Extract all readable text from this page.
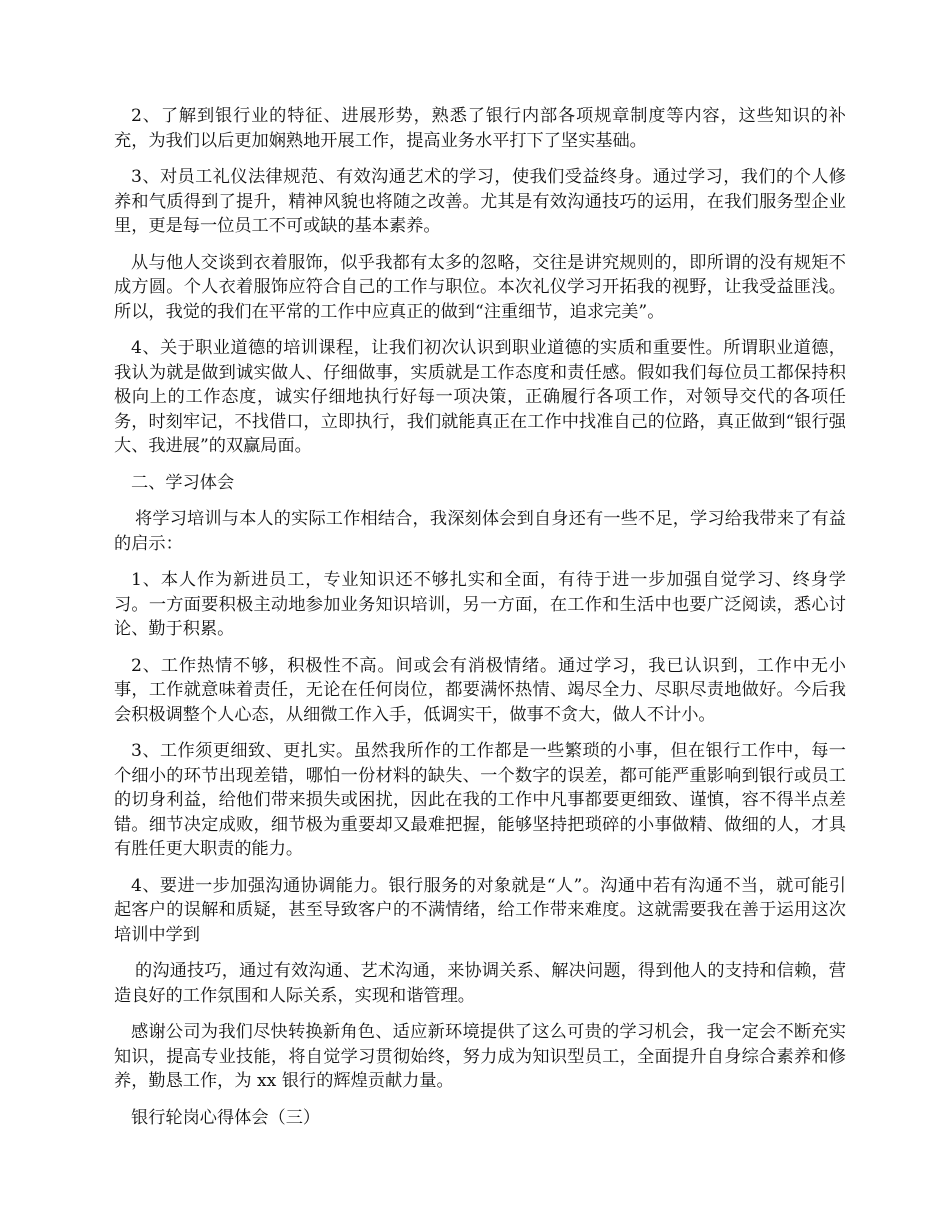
2、了解到银行业的特征、进展形势，熟悉了银行内部各项规章制度等内容，这些知识的补充，为我们以后更加娴熟地开展工作，提高业务水平打下了坚实基础。

3、对员工礼仪法律规范、有效沟通艺术的学习，使我们受益终身。通过学习，我们的个人修养和气质得到了提升，精神风貌也将随之改善。尤其是有效沟通技巧的运用，在我们服务型企业里，更是每一位员工不可或缺的基本素养。

从与他人交谈到衣着服饰，似乎我都有太多的忽略，交往是讲究规则的，即所谓的没有规矩不成方圆。个人衣着服饰应符合自己的工作与职位。本次礼仪学习开拓我的视野，让我受益匪浅。所以，我觉的我们在平常的工作中应真正的做到“注重细节，追求完美”。

4、关于职业道德的培训课程，让我们初次认识到职业道德的实质和重要性。所谓职业道德，我认为就是做到诚实做人、仔细做事，实质就是工作态度和责任感。假如我们每位员工都保持积极向上的工作态度，诚实仔细地执行好每一项决策，正确履行各项工作，对领导交代的各项任务，时刻牢记，不找借口，立即执行，我们就能真正在工作中找准自己的位路，真正做到“银行强大、我进展”的双赢局面。

二、学习体会

将学习培训与本人的实际工作相结合，我深刻体会到自身还有一些不足，学习给我带来了有益的启示：

1、本人作为新进员工，专业知识还不够扎实和全面，有待于进一步加强自觉学习、终身学习。一方面要积极主动地参加业务知识培训，另一方面，在工作和生活中也要广泛阅读，悉心讨论、勤于积累。

2、工作热情不够，积极性不高。间或会有消极情绪。通过学习，我已认识到，工作中无小事，工作就意味着责任，无论在任何岗位，都要满怀热情、竭尽全力、尽职尽责地做好。今后我会积极调整个人心态，从细微工作入手，低调实干，做事不贪大，做人不计小。

3、工作须更细致、更扎实。虽然我所作的工作都是一些繁琐的小事，但在银行工作中，每一个细小的环节出现差错，哪怕一份材料的缺失、一个数字的误差，都可能严重影响到银行或员工的切身利益，给他们带来损失或困扰，因此在我的工作中凡事都要更细致、谨慎，容不得半点差错。细节决定成败，细节极为重要却又最难把握，能够坚持把琐碎的小事做精、做细的人，才具有胜任更大职责的能力。

4、要进一步加强沟通协调能力。银行服务的对象就是“人”。沟通中若有沟通不当，就可能引起客户的误解和质疑，甚至导致客户的不满情绪，给工作带来难度。这就需要我在善于运用这次培训中学到

的沟通技巧，通过有效沟通、艺术沟通，来协调关系、解决问题，得到他人的支持和信赖，营造良好的工作氛围和人际关系，实现和谐管理。

感谢公司为我们尽快转换新角色、适应新环境提供了这么可贵的学习机会，我一定会不断充实知识，提高专业技能，将自觉学习贯彻始终，努力成为知识型员工，全面提升自身综合素养和修养，勤恳工作，为 xx 银行的辉煌贡献力量。

银行轮岗心得体会（三）
